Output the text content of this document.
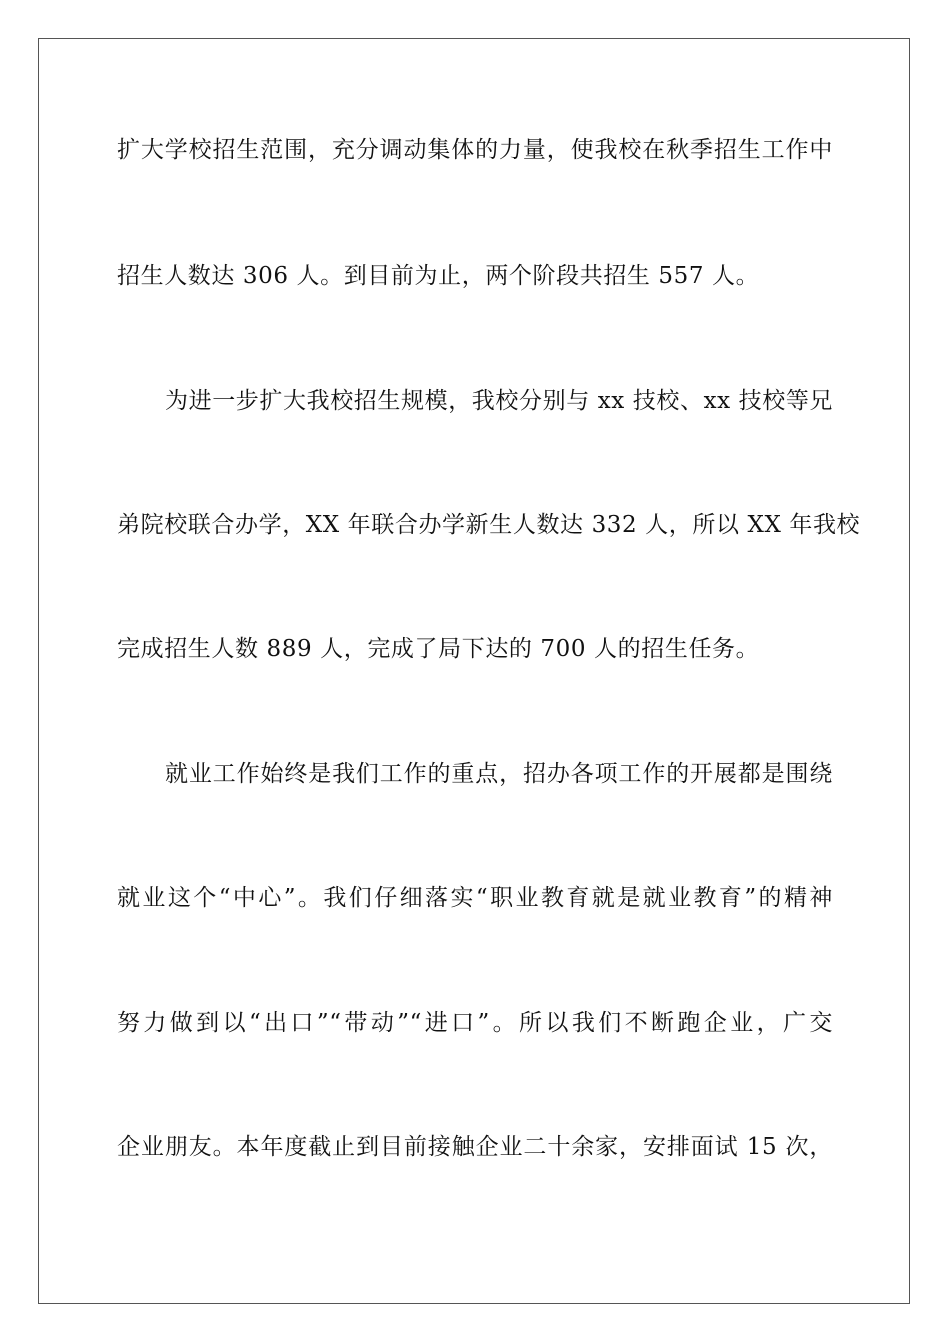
扩大学校招生范围，充分调动集体的力量，使我校在秋季招生工作中
招生人数达 306 人。到目前为止，两个阶段共招生 557 人。
为进一步扩大我校招生规模，我校分别与 xx 技校、xx 技校等兄
弟院校联合办学，XX 年联合办学新生人数达 332 人，所以 XX 年我校
完成招生人数 889 人，完成了局下达的 700 人的招生任务。
就业工作始终是我们工作的重点，招办各项工作的开展都是围绕
就业这个“中心”。我们仔细落实“职业教育就是就业教育”的精神
努力做到以“出口”“带动”“进口”。所以我们不断跑企业，广交
企业朋友。本年度截止到目前接触企业二十余家，安排面试 15 次，
